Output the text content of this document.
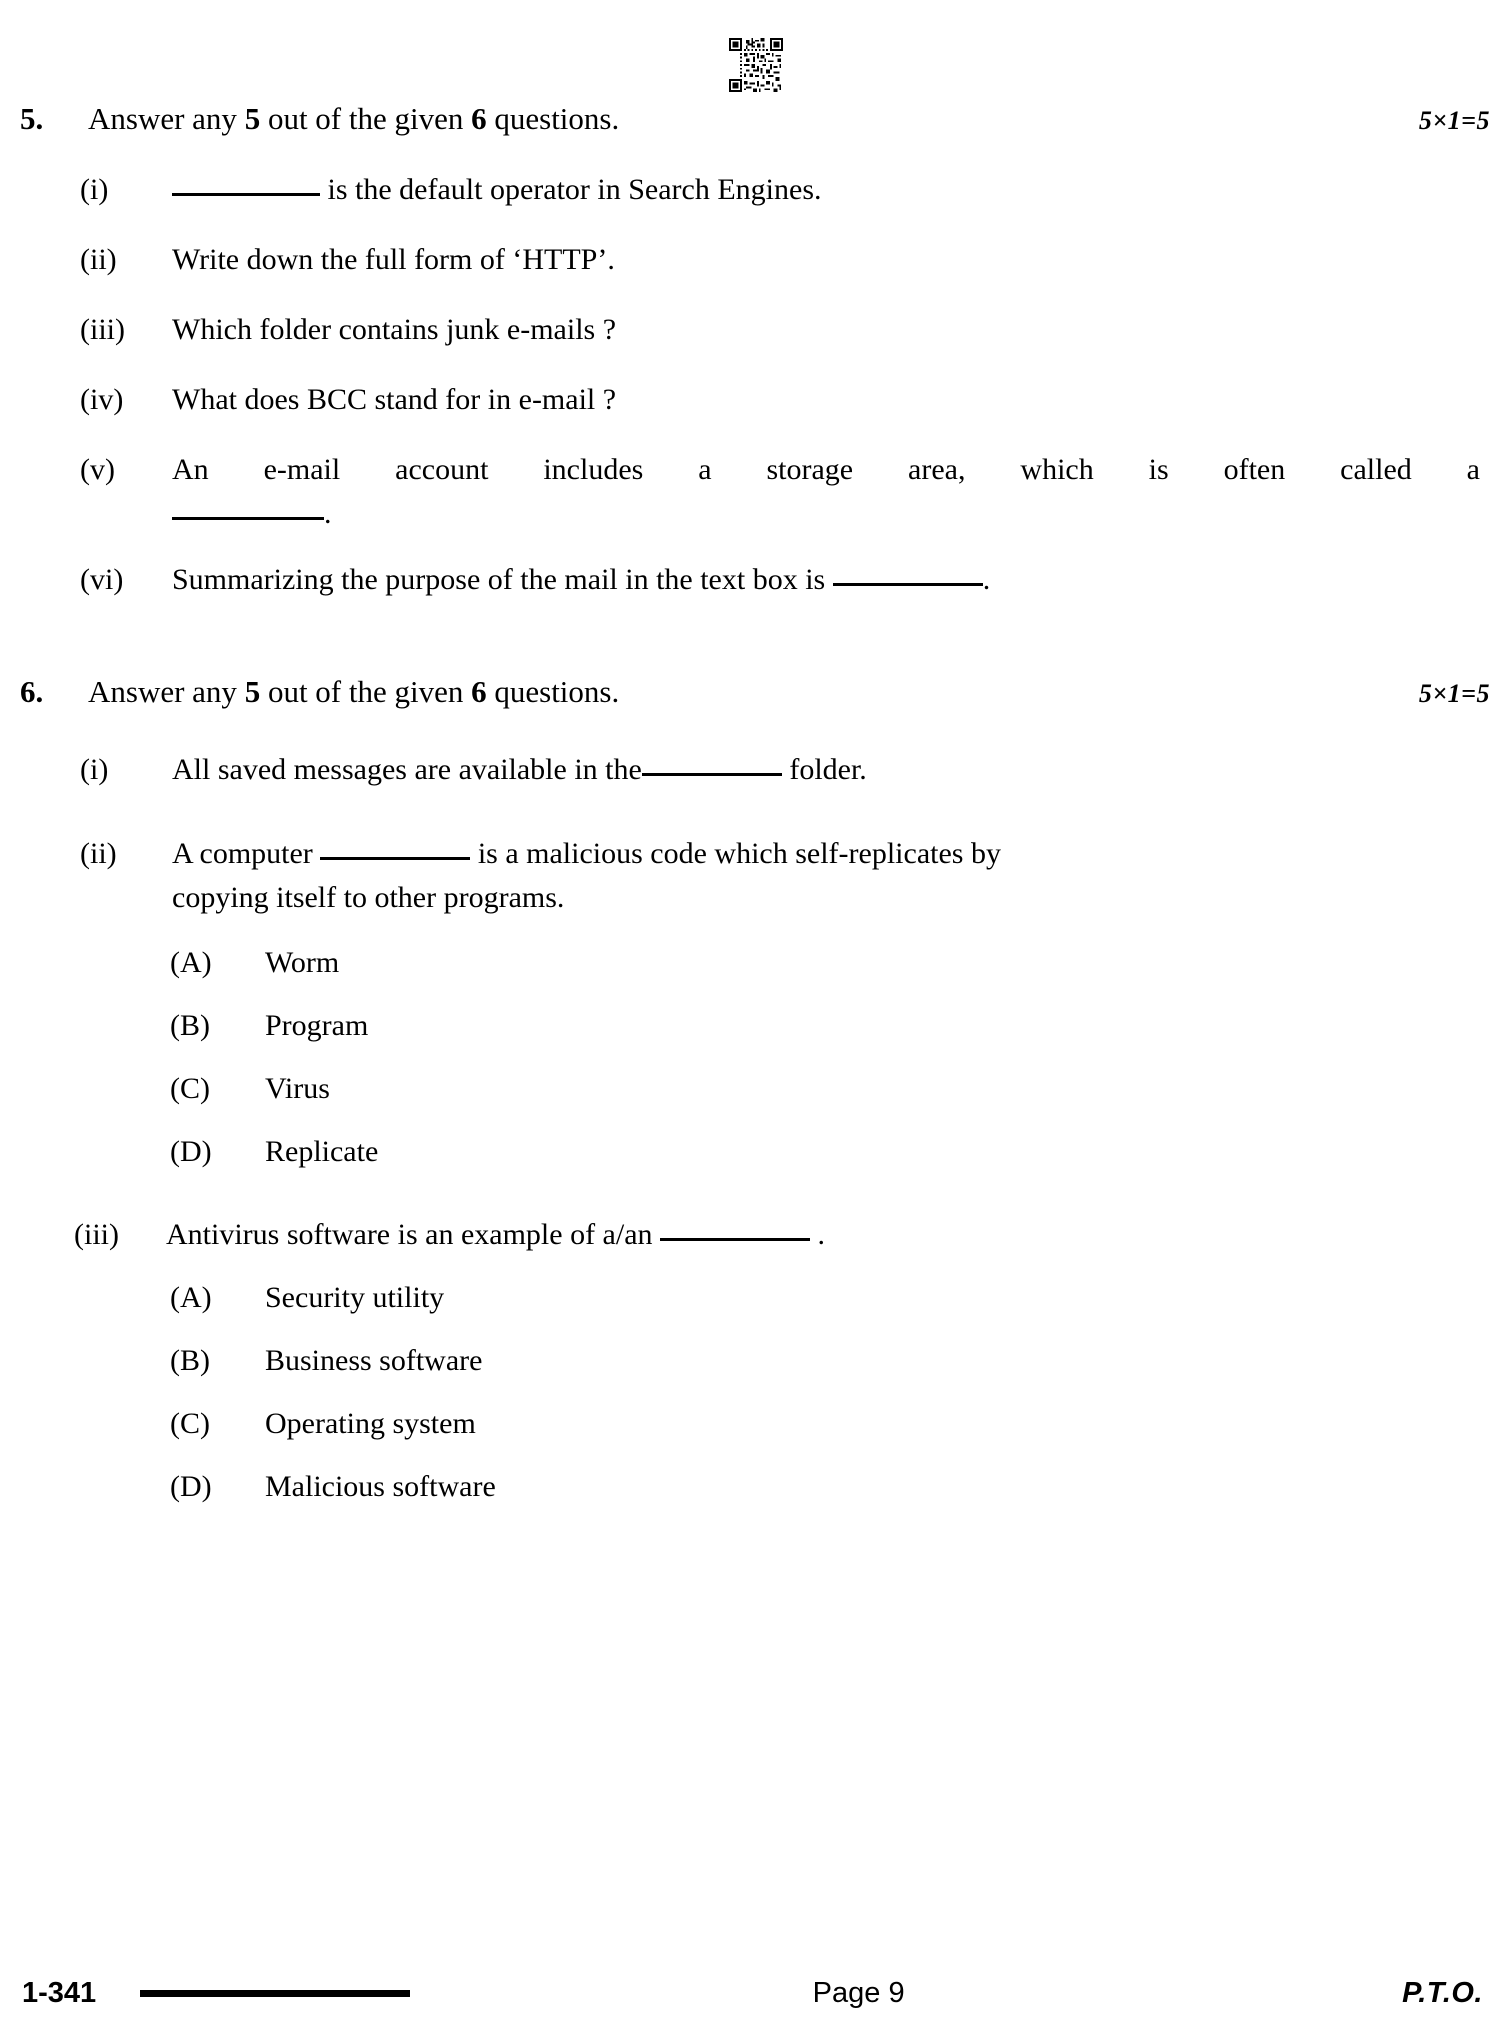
5.	Answer any 5 out of the given 6 questions.	5×1=5
(i)	is the default operator in Search Engines.
(ii)	Write down the full form of ‘HTTP’.
(iii)	Which folder contains junk e-mails ?
(iv)	What does BCC stand for in e-mail ?
(v)	An e-mail account includes a storage area, which is often called a
.
(vi)	Summarizing the purpose of the mail in the text box is	.
6.	Answer any 5 out of the given 6 questions.	5×1=5
(i)	All saved messages are available in the	folder.
(ii)	A computer	is a malicious code which self-replicates by
copying itself to other programs.
(A)	Worm
(B)	Program
(C)	Virus
(D)	Replicate
(iii)	Antivirus software is an example of a/an	.
(A)	Security utility
(B)	Business software
(C)	Operating system
(D)	Malicious software
1-341	Page 9	P.T.O.
